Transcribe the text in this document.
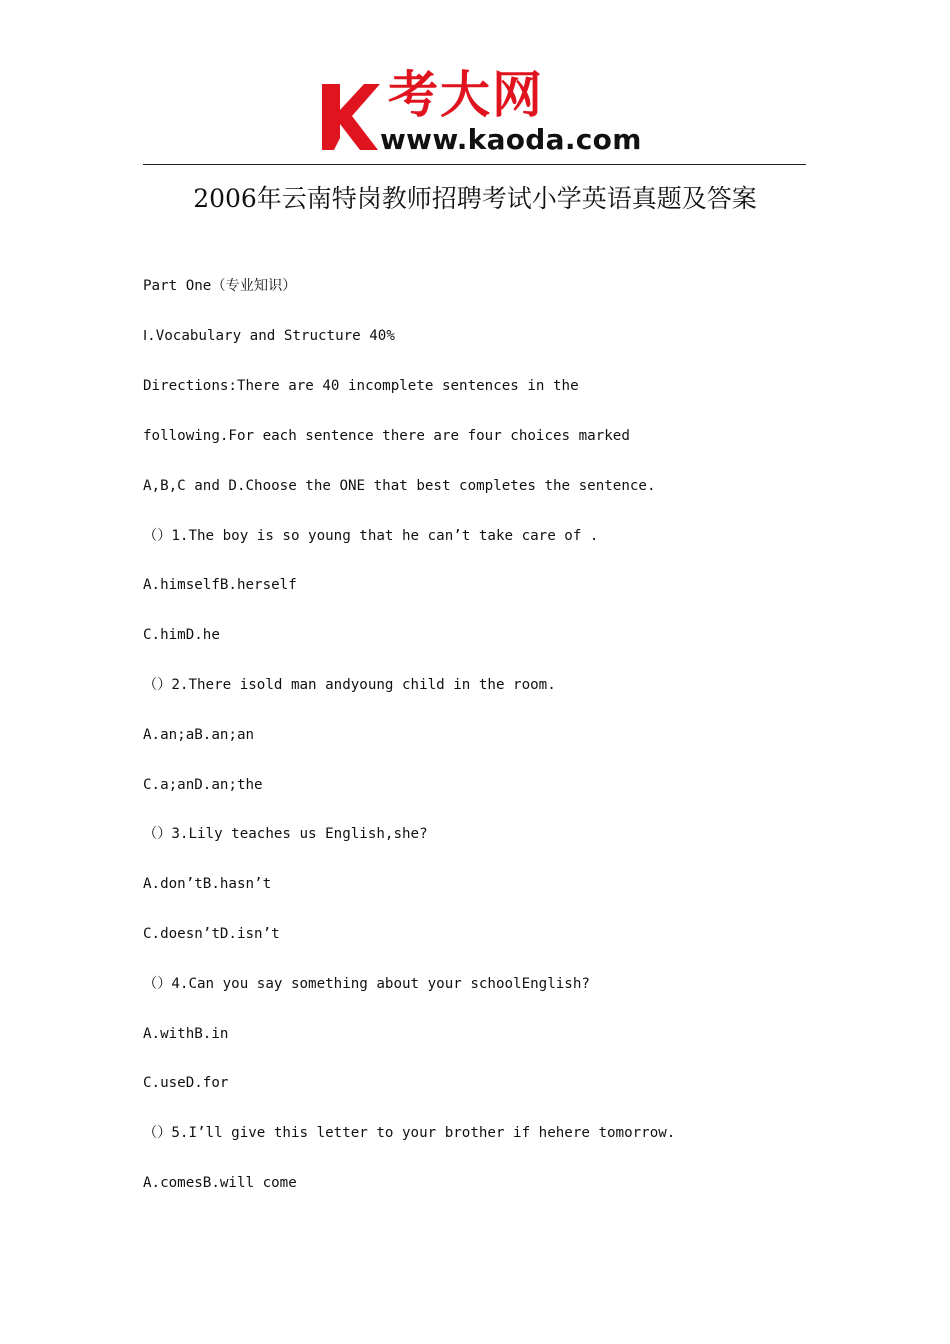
考大网
www.kaoda.com
2006年云南特岗教师招聘考试小学英语真题及答案
Part One（专业知识）
Ⅰ.Vocabulary and Structure 40%
Directions:There are 40 incomplete sentences in the
following.For each sentence there are four choices marked
A,B,C and D.Choose the ONE that best completes the sentence.
（）1.The boy is so young that he can’t take care of .
A.himselfB.herself
C.himD.he
（）2.There isold man andyoung child in the room.
A.an;aB.an;an
C.a;anD.an;the
（）3.Lily teaches us English,she?
A.don’tB.hasn’t
C.doesn’tD.isn’t
（）4.Can you say something about your schoolEnglish?
A.withB.in
C.useD.for
（）5.I’ll give this letter to your brother if hehere tomorrow.
A.comesB.will come
